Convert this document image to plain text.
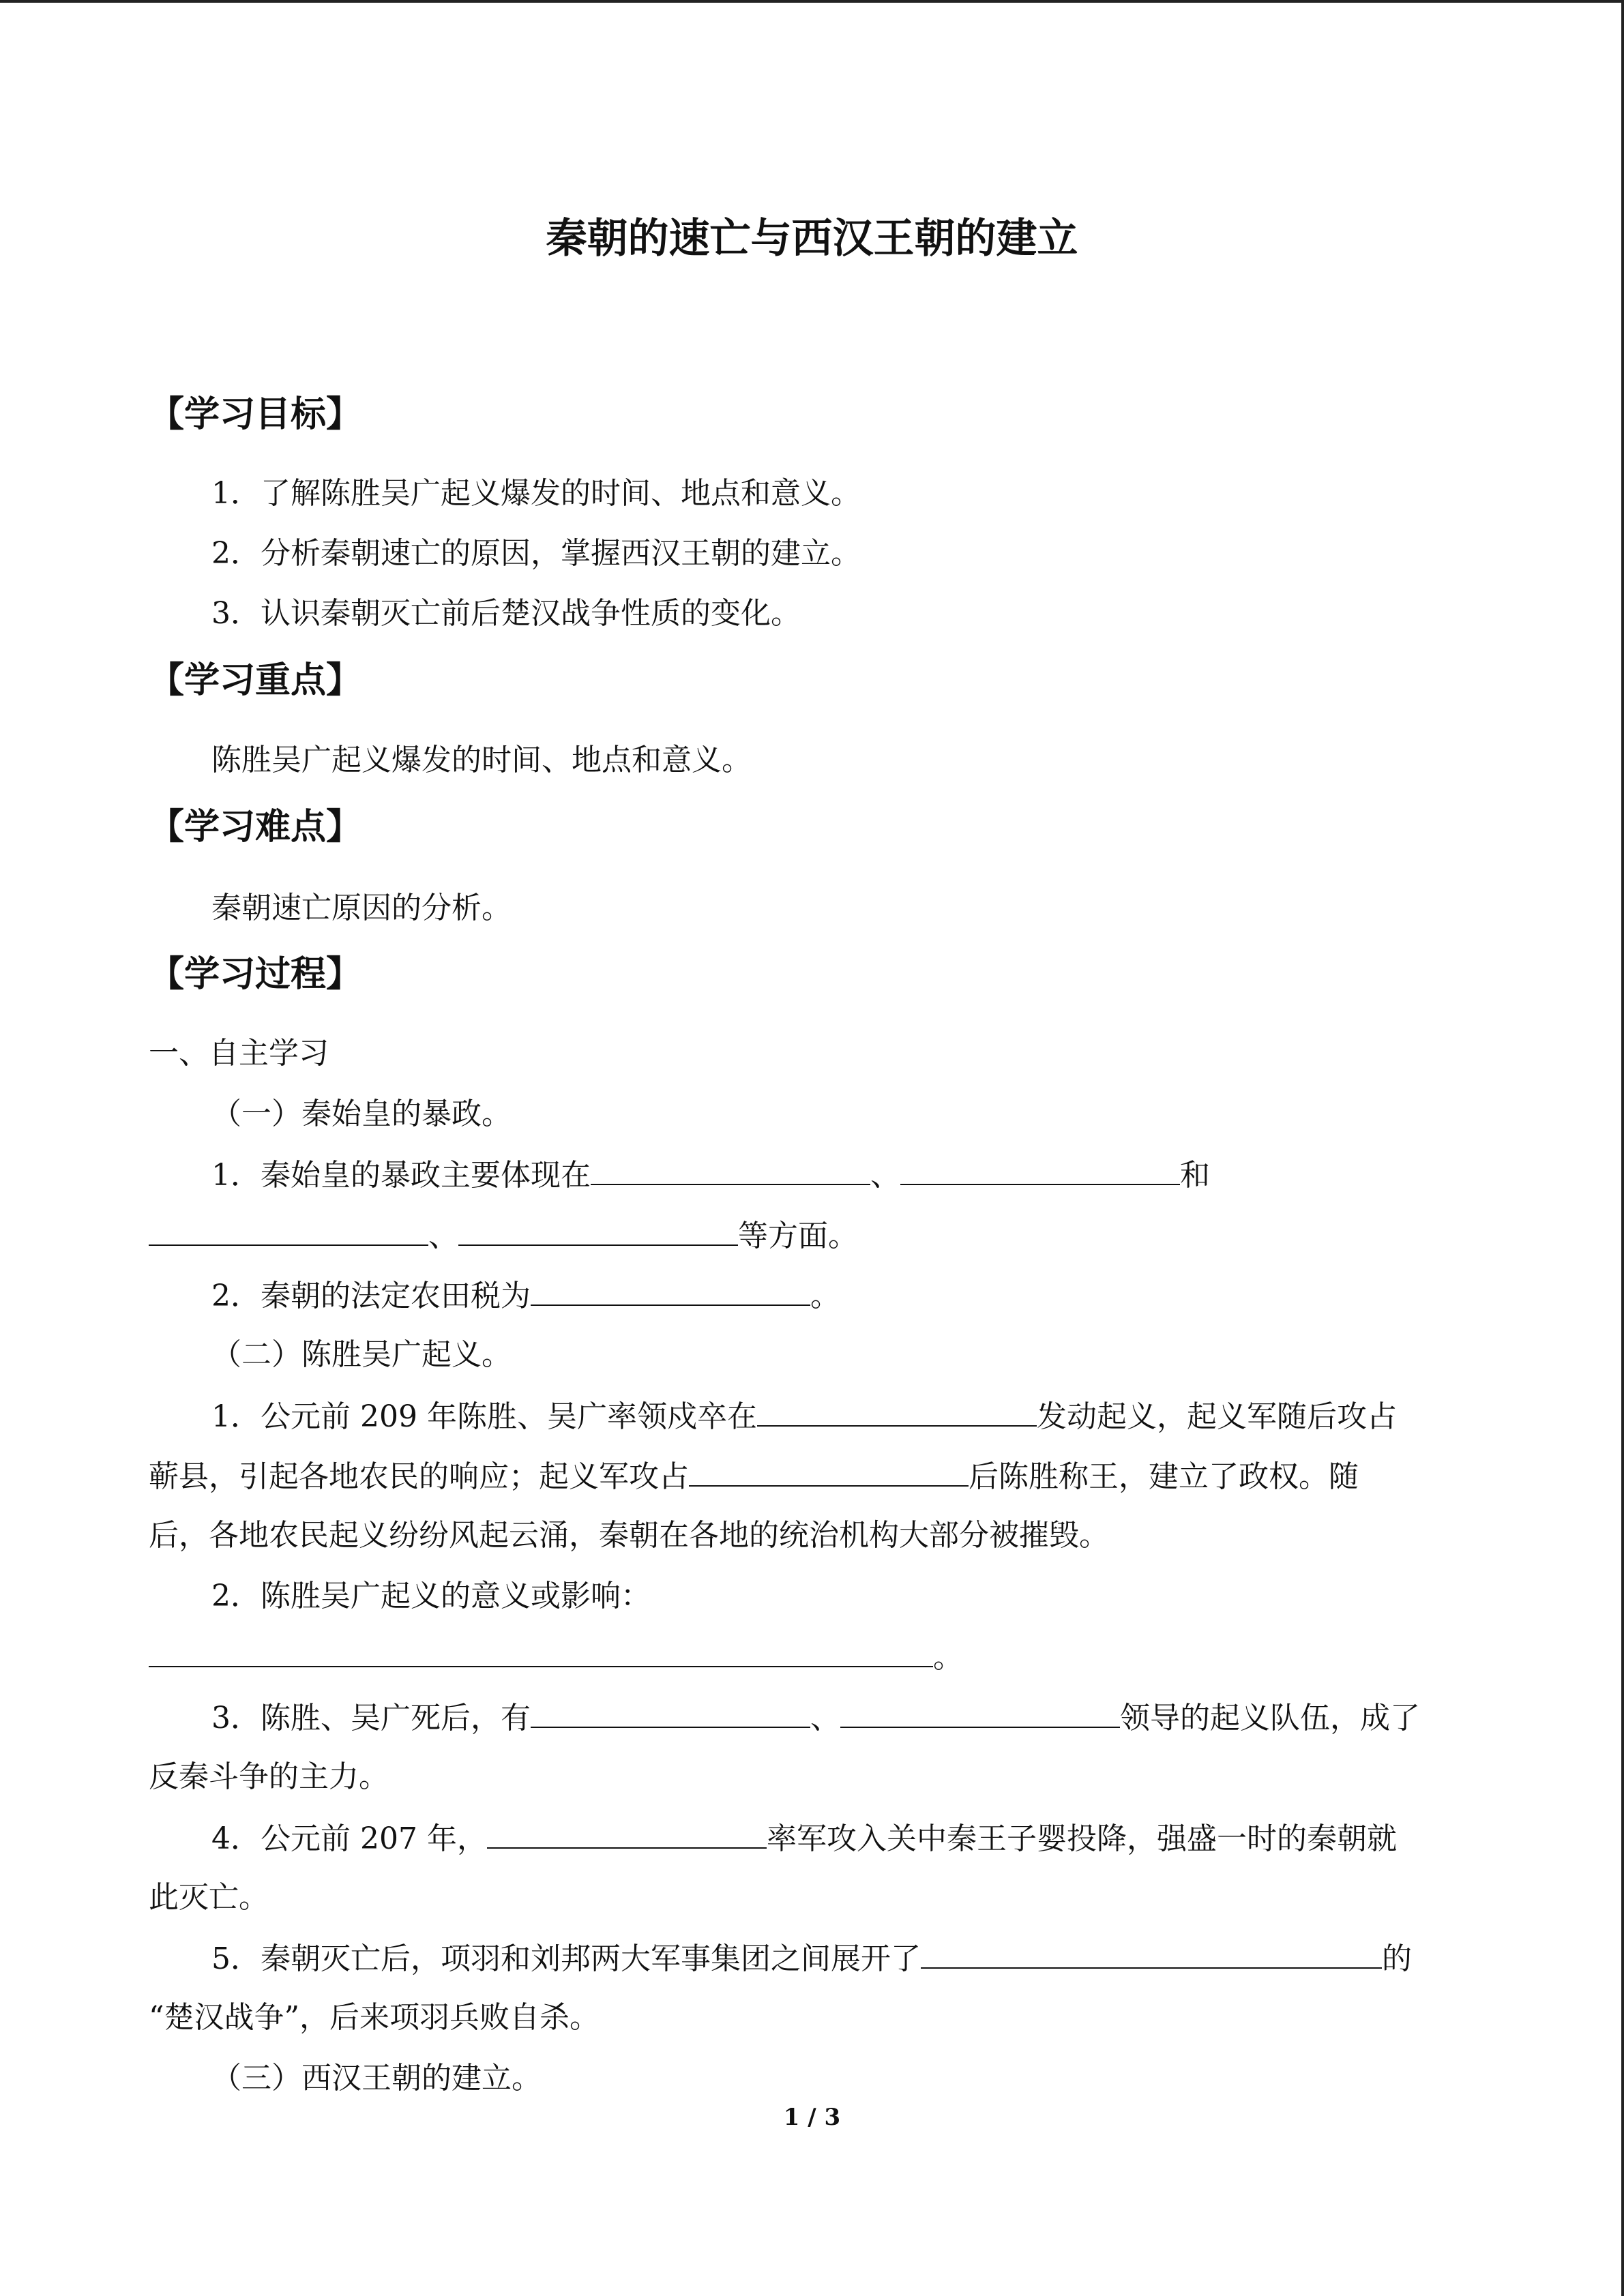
秦朝的速亡与西汉王朝的建立
【学习目标】
1．了解陈胜吴广起义爆发的时间、地点和意义。
2．分析秦朝速亡的原因，掌握西汉王朝的建立。
3．认识秦朝灭亡前后楚汉战争性质的变化。
【学习重点】
陈胜吴广起义爆发的时间、地点和意义。
【学习难点】
秦朝速亡原因的分析。
【学习过程】
一、自主学习
（一）秦始皇的暴政。
1．秦始皇的暴政主要体现在	、	和
、	等方面。
2．秦朝的法定农田税为	。
（二）陈胜吴广起义。
1．公元前 209 年陈胜、吴广率领戍卒在	发动起义，起义军随后攻占
蕲县，引起各地农民的响应；起义军攻占	后陈胜称王，建立了政权。随
后，各地农民起义纷纷风起云涌，秦朝在各地的统治机构大部分被摧毁。
2．陈胜吴广起义的意义或影响：
。
3．陈胜、吴广死后，有	、	领导的起义队伍，成了
反秦斗争的主力。
4．公元前 207 年，	率军攻入关中秦王子婴投降，强盛一时的秦朝就
此灭亡。
5．秦朝灭亡后，项羽和刘邦两大军事集团之间展开了	的
“楚汉战争”，后来项羽兵败自杀。
（三）西汉王朝的建立。
1 / 3
